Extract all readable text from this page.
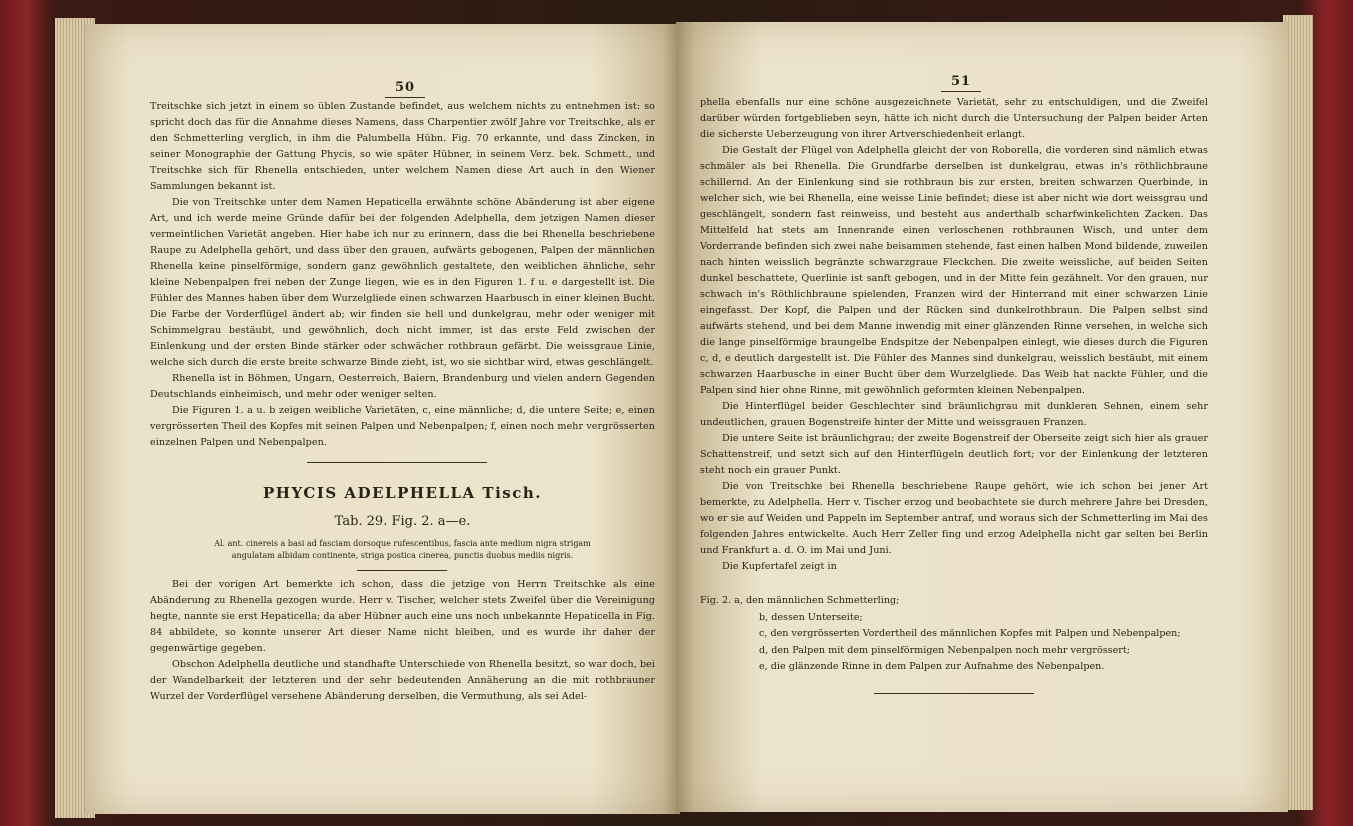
50

Treitschke sich jetzt in einem so üblen Zustande befindet, aus welchem nichts zu entnehmen ist: so spricht doch das für die Annahme dieses Namens, dass Charpentier zwölf Jahre vor Treitschke, als er den Schmetterling verglich, in ihm die Palumbella Hübn. Fig. 70 erkannte, und dass Zincken, in seiner Monographie der Gattung Phycis, so wie später Hübner, in seinem Verz. bek. Schmett., und Treitschke sich für Rhenella entschieden, unter welchem Namen diese Art auch in den Wiener Sammlungen bekannt ist.

Die von Treitschke unter dem Namen Hepaticella erwähnte schöne Abänderung ist aber eigene Art, und ich werde meine Gründe dafür bei der folgenden Adelphella, dem jetzigen Namen dieser vermeintlichen Varietät angeben. Hier habe ich nur zu erinnern, dass die bei Rhenella beschriebene Raupe zu Adelphella gehört, und dass über den grauen, aufwärts gebogenen, Palpen der männlichen Rhenella keine pinselförmige, sondern ganz gewöhnlich gestaltete, den weiblichen ähnliche, sehr kleine Nebenpalpen frei neben der Zunge liegen, wie es in den Figuren 1. f u. e dargestellt ist. Die Fühler des Mannes haben über dem Wurzelgliede einen schwarzen Haarbusch in einer kleinen Bucht. Die Farbe der Vorderflügel ändert ab; wir finden sie hell und dunkelgrau, mehr oder weniger mit Schimmelgrau bestäubt, und gewöhnlich, doch nicht immer, ist das erste Feld zwischen der Einlenkung und der ersten Binde stärker oder schwächer rothbraun gefärbt. Die weissgraue Linie, welche sich durch die erste breite schwarze Binde zieht, ist, wo sie sichtbar wird, etwas geschlängelt.

Rhenella ist in Böhmen, Ungarn, Oesterreich, Baiern, Brandenburg und vielen andern Gegenden Deutschlands einheimisch, und mehr oder weniger selten.

Die Figuren 1. a u. b zeigen weibliche Varietäten, c, eine männliche; d, die untere Seite; e, einen vergrösserten Theil des Kopfes mit seinen Palpen und Nebenpalpen; f, einen noch mehr vergrösserten einzelnen Palpen und Nebenpalpen.

PHYCIS ADELPHELLA Tisch.
Tab. 29. Fig. 2. a—e.
Al. ant. cinereis a basi ad fasciam dorsoque rufescentibus, fascia ante medium nigra strigam angulatam albidam continente, striga postica cinerea, punctis duobus mediis nigris.

Bei der vorigen Art bemerkte ich schon, dass die jetzige von Herrn Treitschke als eine Abänderung zu Rhenella gezogen wurde. Herr v. Tischer, welcher stets Zweifel über die Vereinigung hegte, nannte sie erst Hepaticella; da aber Hübner auch eine uns noch unbekannte Hepaticella in Fig. 84 abbildete, so konnte unserer Art dieser Name nicht bleiben, und es wurde ihr daher der gegenwärtige gegeben.

Obschon Adelphella deutliche und standhafte Unterschiede von Rhenella besitzt, so war doch, bei der Wandelbarkeit der letzteren und der sehr bedeutenden Annäherung an die mit rothbrauner Wurzel der Vorderflügel versehene Abänderung derselben, die Vermuthung, als sei Adel-

51

phella ebenfalls nur eine schöne ausgezeichnete Varietät, sehr zu entschuldigen, und die Zweifel darüber würden fortgeblieben seyn, hätte ich nicht durch die Untersuchung der Palpen beider Arten die sicherste Ueberzeugung von ihrer Artverschiedenheit erlangt.

Die Gestalt der Flügel von Adelphella gleicht der von Roborella, die vorderen sind nämlich etwas schmäler als bei Rhenella. Die Grundfarbe derselben ist dunkelgrau, etwas in's röthlichbraune schillernd. An der Einlenkung sind sie rothbraun bis zur ersten, breiten schwarzen Querbinde, in welcher sich, wie bei Rhenella, eine weisse Linie befindet; diese ist aber nicht wie dort weissgrau und geschlängelt, sondern fast reinweiss, und besteht aus anderthalb scharfwinkelichten Zacken. Das Mittelfeld hat stets am Innenrande einen verloschenen rothbraunen Wisch, und unter dem Vorderrande befinden sich zwei nahe beisammen stehende, fast einen halben Mond bildende, zuweilen nach hinten weisslich begränzte schwarzgraue Fleckchen. Die zweite weissliche, auf beiden Seiten dunkel beschattete, Querlinie ist sanft gebogen, und in der Mitte fein gezähnelt. Vor den grauen, nur schwach in's Röthlichbraune spielenden, Franzen wird der Hinterrand mit einer schwarzen Linie eingefasst. Der Kopf, die Palpen und der Rücken sind dunkelrothbraun. Die Palpen selbst sind aufwärts stehend, und bei dem Manne inwendig mit einer glänzenden Rinne versehen, in welche sich die lange pinselförmige braungelbe Endspitze der Nebenpalpen einlegt, wie dieses durch die Figuren c, d, e deutlich dargestellt ist. Die Fühler des Mannes sind dunkelgrau, weisslich bestäubt, mit einem schwarzen Haarbusche in einer Bucht über dem Wurzelgliede. Das Weib hat nackte Fühler, und die Palpen sind hier ohne Rinne, mit gewöhnlich geformten kleinen Nebenpalpen.

Die Hinterflügel beider Geschlechter sind bräunlichgrau mit dunkleren Sehnen, einem sehr undeutlichen, grauen Bogenstreife hinter der Mitte und weissgrauen Franzen.

Die untere Seite ist bräunlichgrau; der zweite Bogenstreif der Oberseite zeigt sich hier als grauer Schattenstreif, und setzt sich auf den Hinterflügeln deutlich fort; vor der Einlenkung der letzteren steht noch ein grauer Punkt.

Die von Treitschke bei Rhenella beschriebene Raupe gehört, wie ich schon bei jener Art bemerkte, zu Adelphella. Herr v. Tischer erzog und beobachtete sie durch mehrere Jahre bei Dresden, wo er sie auf Weiden und Pappeln im September antraf, und woraus sich der Schmetterling im Mai des folgenden Jahres entwickelte. Auch Herr Zeller fing und erzog Adelphella nicht gar selten bei Berlin und Frankfurt a. d. O. im Mai und Juni.

Die Kupfertafel zeigt in

Fig. 2. a, den männlichen Schmetterling;
b, dessen Unterseite;
c, den vergrösserten Vordertheil des männlichen Kopfes mit Palpen und Nebenpalpen;
d, den Palpen mit dem pinselförmigen Nebenpalpen noch mehr vergrössert;
e, die glänzende Rinne in dem Palpen zur Aufnahme des Nebenpalpen.
